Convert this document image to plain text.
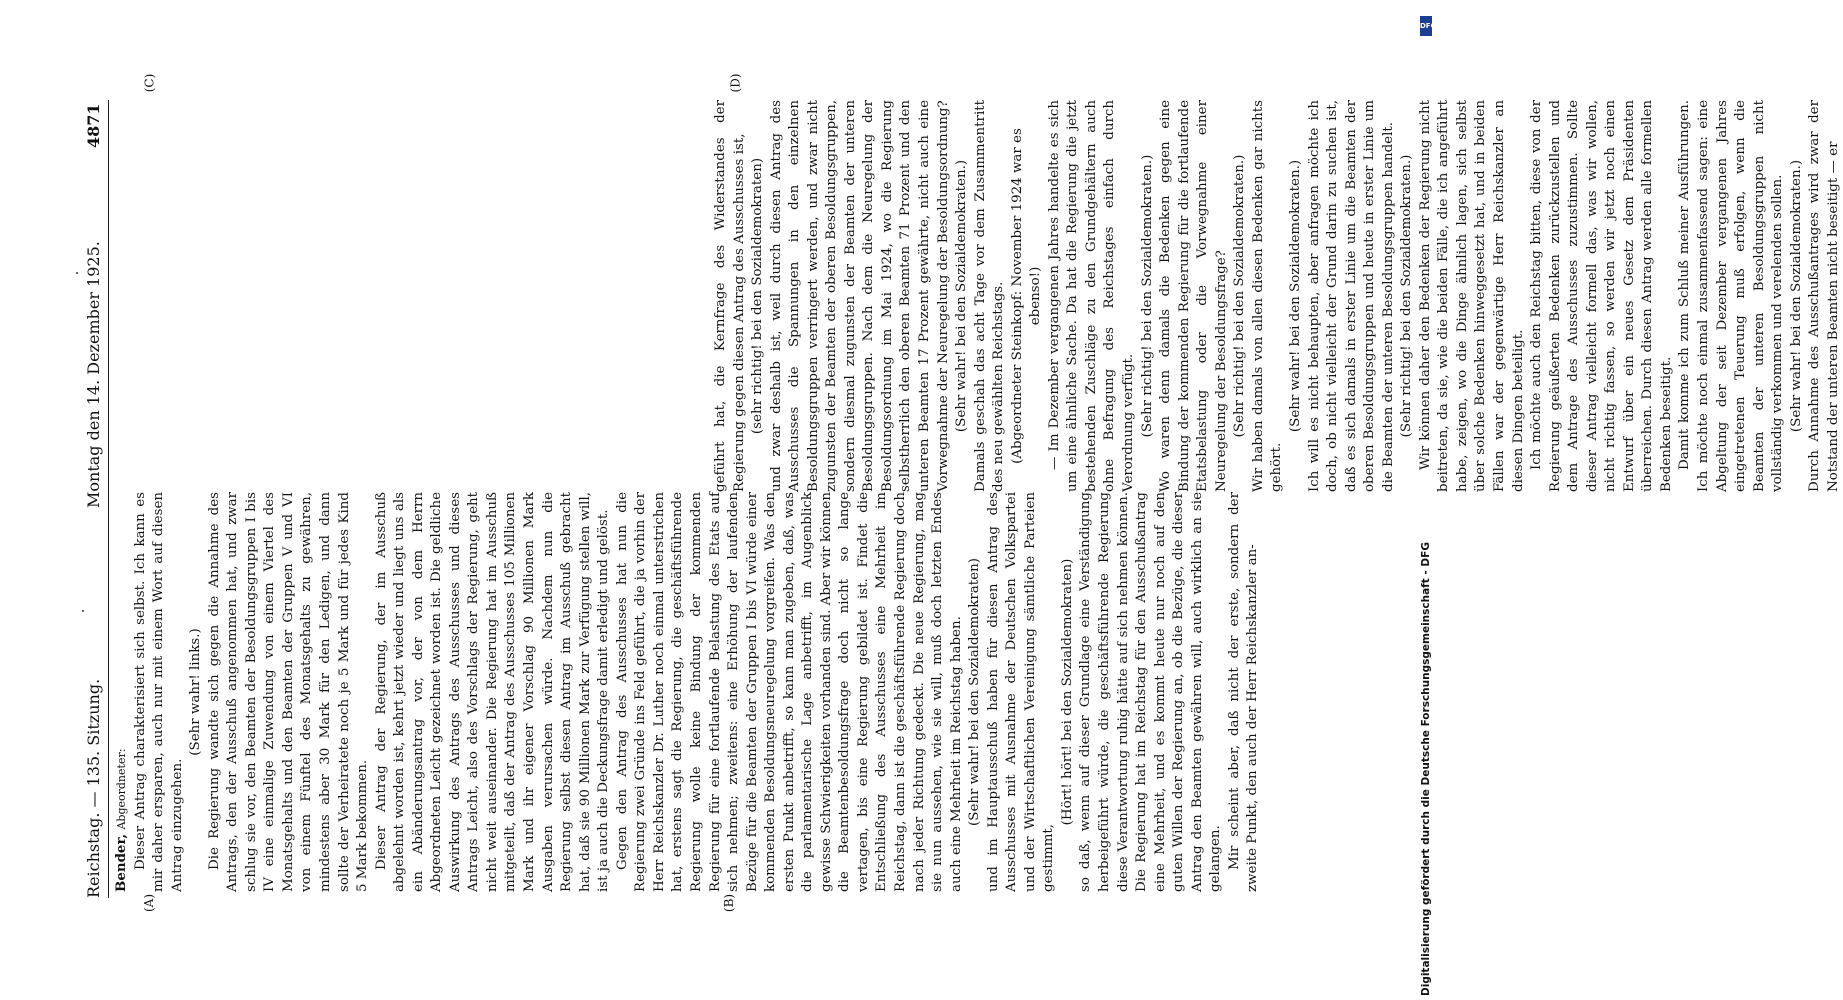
Reichstag. — 135. Sitzung.
Montag den 14. Dezember 1925.
4871

Bender, Abgeordneter: Dieser Antrag charakterisiert sich selbst. Ich kann es mir daher ersparen, auch nur mit einem Wort auf diesen Antrag einzugehen.

(Sehr wahr! links.) Die Regierung wandte sich gegen die Annahme des Antrags, den der Ausschuß angenommen hat, und zwar schlug sie vor, den Beamten der Besoldungsgruppen I bis IV eine einmalige Zuwendung von einem Viertel des Monatsgehalts und den Beamten der Gruppen V und VI von einem Fünftel des Monatsgehalts zu gewähren, mindestens aber 30 Mark für den Ledigen, und dann sollte der Verheiratete noch je 5 Mark und für jedes Kind 5 Mark bekommen. Dieser Antrag der Regierung, der im Ausschuß abgelehnt worden ist, kehrt jetzt wieder und liegt uns als ein Abänderungsantrag vor, der von dem Herrn Abgeordneten Leicht gezeichnet worden ist. Die geldliche Auswirkung des Antrags des Ausschusses und dieses Antrags Leicht, also des Vorschlags der Regierung, geht nicht weit auseinander. Die Regierung hat im Ausschuß mitgeteilt, daß der Antrag des Ausschusses 105 Millionen Mark und ihr eigener Vorschlag 90 Millionen Mark Ausgaben verursachen würde. Nachdem nun die Regierung selbst diesen Antrag im Ausschuß gebracht hat, daß sie 90 Millionen Mark zur Verfügung stellen will, ist ja auch die Deckungsfrage damit erledigt und gelöst. Gegen den Antrag des Ausschusses hat nun die Regierung zwei Gründe ins Feld geführt, die ja vorhin der Herr Reichskanzler Dr. Luther noch einmal unterstrichen hat, erstens sagt die Regierung, die geschäftsführende Regierung wolle keine Bindung der kommenden Regierung für eine fortlaufende Belastung des Etats auf sich nehmen; zweitens: eine Erhöhung der laufenden Bezüge für die Beamten der Gruppen I bis VI würde einer kommenden Besoldungsneuregelung vorgreifen. Was den ersten Punkt anbetrifft, so kann man zugeben, daß, was die parlamentarische Lage anbetrifft, im Augenblick gewisse Schwierigkeiten vorhanden sind. Aber wir können die Beamtenbesoldungsfrage doch nicht so lange vertagen, bis eine Regierung gebildet ist. Findet die Entschließung des Ausschusses eine Mehrheit im Reichstag, dann ist die geschäftsführende Regierung doch nach jeder Richtung gedeckt. Die neue Regierung, mag sie nun aussehen, wie sie will, muß doch letzten Endes auch eine Mehrheit im Reichstag haben. (Sehr wahr! bei den Sozialdemokraten) und im Hauptausschuß haben für diesen Antrag des Ausschusses mit Ausnahme der Deutschen Volkspartei und der Wirtschaftlichen Vereinigung sämtliche Parteien gestimmt,

(Hört! hört! bei den Sozialdemokraten) so daß, wenn auf dieser Grundlage eine Verständigung herbeigeführt würde, die geschäftsführende Regierung diese Verantwortung ruhig hätte auf sich nehmen können. Die Regierung hat im Reichstag für den Ausschußantrag eine Mehrheit, und es kommt heute nur noch auf den guten Willen der Regierung an, ob die Bezüge, die dieser Antrag den Beamten gewähren will, auch wirklich an sie gelangen. Mir scheint aber, daß nicht der erste, sondern der zweite Punkt, den auch der Herr Reichskanzler an-

geführt hat, die Kernfrage des Widerstandes der Regierung gegen diesen Antrag des Ausschusses ist, (sehr richtig! bei den Sozialdemokraten) und zwar deshalb ist, weil durch diesen Antrag des Ausschusses die Spannungen in den einzelnen Besoldungsgruppen verringert werden, und zwar nicht zugunsten der Beamten der oberen Besoldungsgruppen, sondern diesmal zugunsten der Beamten der unteren Besoldungsgruppen. Nach dem die Neuregelung der Besoldungsordnung im Mai 1924, wo die Regierung selbstherrlich den oberen Beamten 71 Prozent und den unteren Beamten 17 Prozent gewährte, nicht auch eine Vorwegnahme der Neuregelung der Besoldungsordnung? (Sehr wahr! bei den Sozialdemokraten.) Damals geschah das acht Tage vor dem Zusammentritt des neu gewählten Reichstags. (Abgeordneter Steinkopf: November 1924 war es ebenso!) — Im Dezember vergangenen Jahres handelte es sich um eine ähnliche Sache. Da hat die Regierung die jetzt bestehenden Zuschläge zu den Grundgehältern auch ohne Befragung des Reichstages einfach durch Verordnung verfügt. (Sehr richtig! bei den Sozialdemokraten.) Wo waren denn damals die Bedenken gegen eine Bindung der kommenden Regierung für die fortlaufende Etatsbelastung oder die Vorwegnahme einer Neuregelung der Besoldungsfrage? (Sehr richtig! bei den Sozialdemokraten.) Wir haben damals von allen diesen Bedenken gar nichts gehört.

(Sehr wahr! bei den Sozialdemokraten.) Ich will es nicht behaupten, aber anfragen möchte ich doch, ob nicht vielleicht der Grund darin zu suchen ist, daß es sich damals in erster Linie um die Beamten der oberen Besoldungsgruppen und heute in erster Linie um die Beamten der unteren Besoldungsgruppen handelt. (Sehr richtig! bei den Sozialdemokraten.) Wir können daher den Bedenken der Regierung nicht beitreten, da sie, wie die beiden Fälle, die ich angeführt habe, zeigen, wo die Dinge ähnlich lagen, sich selbst über solche Bedenken hinweggesetzt hat, und in beiden Fällen war der gegenwärtige Herr Reichskanzler an diesen Dingen beteiligt. Ich möchte auch den Reichstag bitten, diese von der Regierung geäußerten Bedenken zurückzustellen und dem Antrage des Ausschusses zuzustimmen. Sollte dieser Antrag vielleicht formell das, was wir wollen, nicht richtig fassen, so werden wir jetzt noch einen Entwurf über ein neues Gesetz dem Präsidenten überreichen. Durch diesen Antrag werden alle formellen Bedenken beseitigt. Damit komme ich zum Schluß meiner Ausführungen. Ich möchte noch einmal zusammenfassend sagen: eine Abgeltung der seit Dezember vergangenen Jahres eingetretenen Teuerung muß erfolgen, wenn die Beamten der unteren Besoldungsgruppen nicht vollständig verkommen und verelenden sollen. (Sehr wahr! bei den Sozialdemokraten.) Durch Annahme des Ausschußantrages wird zwar der Notstand der unteren Beamten nicht beseitigt — er

(A)	(B)
(C)	(D)
DFG
Digitalisierung gefördert durch die Deutsche Forschungsgemeinschaft - DFG
